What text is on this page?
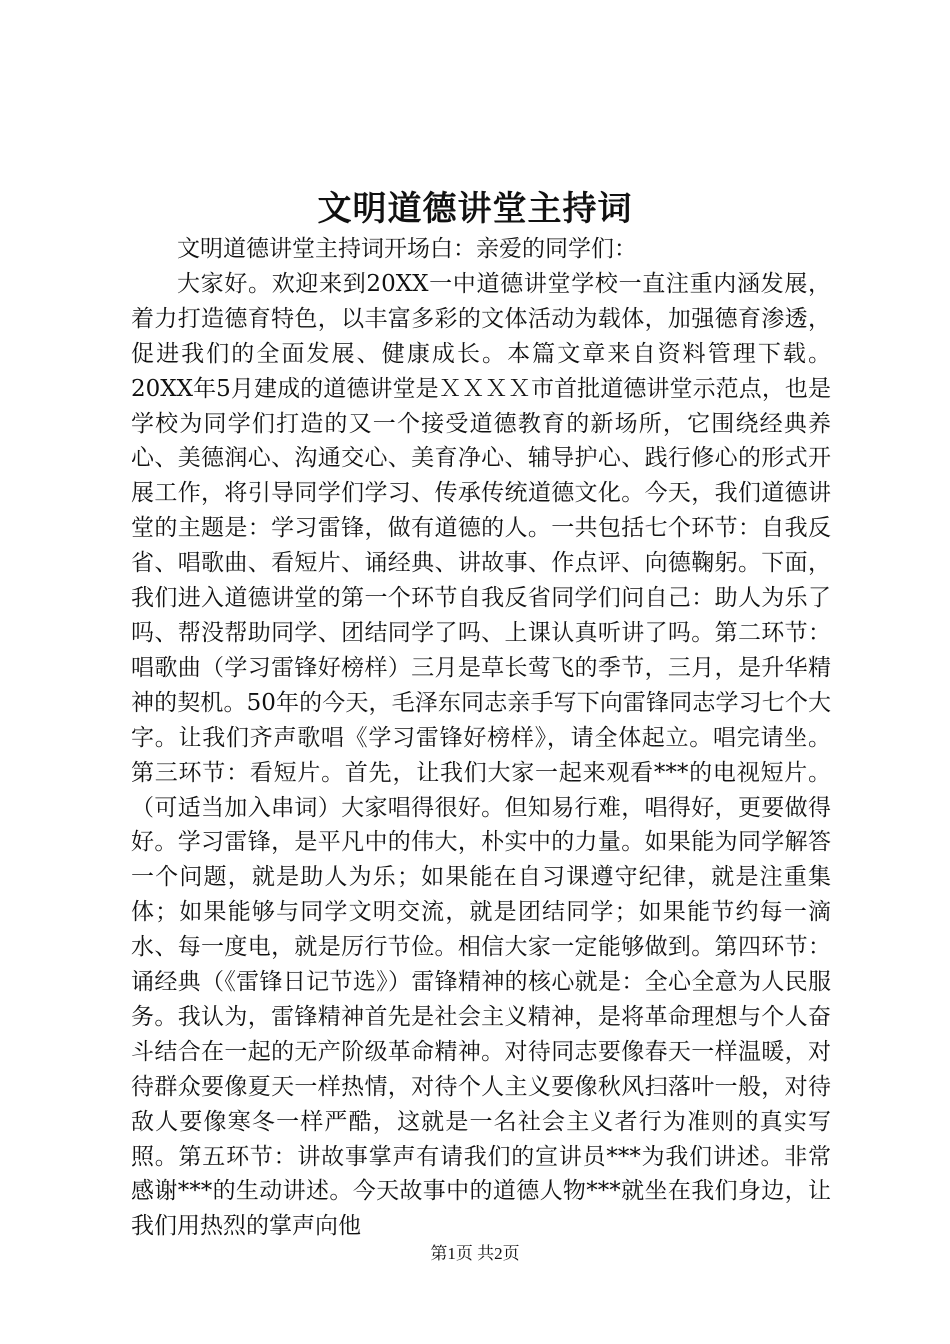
文明道德讲堂主持词

文明道德讲堂主持词开场白：亲爱的同学们：

大家好。欢迎来到20XX一中道德讲堂学校一直注重内涵发展，着力打造德育特色，以丰富多彩的文体活动为载体，加强德育渗透，促进我们的全面发展、健康成长。本篇文章来自资料管理下载。20XX年5月建成的道德讲堂是ＸＸＸＸ市首批道德讲堂示范点，也是学校为同学们打造的又一个接受道德教育的新场所，它围绕经典养心、美德润心、沟通交心、美育净心、辅导护心、践行修心的形式开展工作，将引导同学们学习、传承传统道德文化。今天，我们道德讲堂的主题是：学习雷锋，做有道德的人。一共包括七个环节：自我反省、唱歌曲、看短片、诵经典、讲故事、作点评、向德鞠躬。下面，我们进入道德讲堂的第一个环节自我反省同学们问自己：助人为乐了吗、帮没帮助同学、团结同学了吗、上课认真听讲了吗。第二环节：唱歌曲（学习雷锋好榜样）三月是草长莺飞的季节，三月，是升华精神的契机。50年的今天，毛泽东同志亲手写下向雷锋同志学习七个大字。让我们齐声歌唱《学习雷锋好榜样》，请全体起立。唱完请坐。第三环节：看短片。首先，让我们大家一起来观看***的电视短片。（可适当加入串词）大家唱得很好。但知易行难，唱得好，更要做得好。学习雷锋，是平凡中的伟大，朴实中的力量。如果能为同学解答一个问题，就是助人为乐；如果能在自习课遵守纪律，就是注重集体；如果能够与同学文明交流，就是团结同学；如果能节约每一滴水、每一度电，就是厉行节俭。相信大家一定能够做到。第四环节：诵经典（《雷锋日记节选》）雷锋精神的核心就是：全心全意为人民服务。我认为，雷锋精神首先是社会主义精神，是将革命理想与个人奋斗结合在一起的无产阶级革命精神。对待同志要像春天一样温暖，对待群众要像夏天一样热情，对待个人主义要像秋风扫落叶一般，对待敌人要像寒冬一样严酷，这就是一名社会主义者行为准则的真实写照。第五环节：讲故事掌声有请我们的宣讲员***为我们讲述。非常感谢***的生动讲述。今天故事中的道德人物***就坐在我们身边，让我们用热烈的掌声向他

第1页 共2页
